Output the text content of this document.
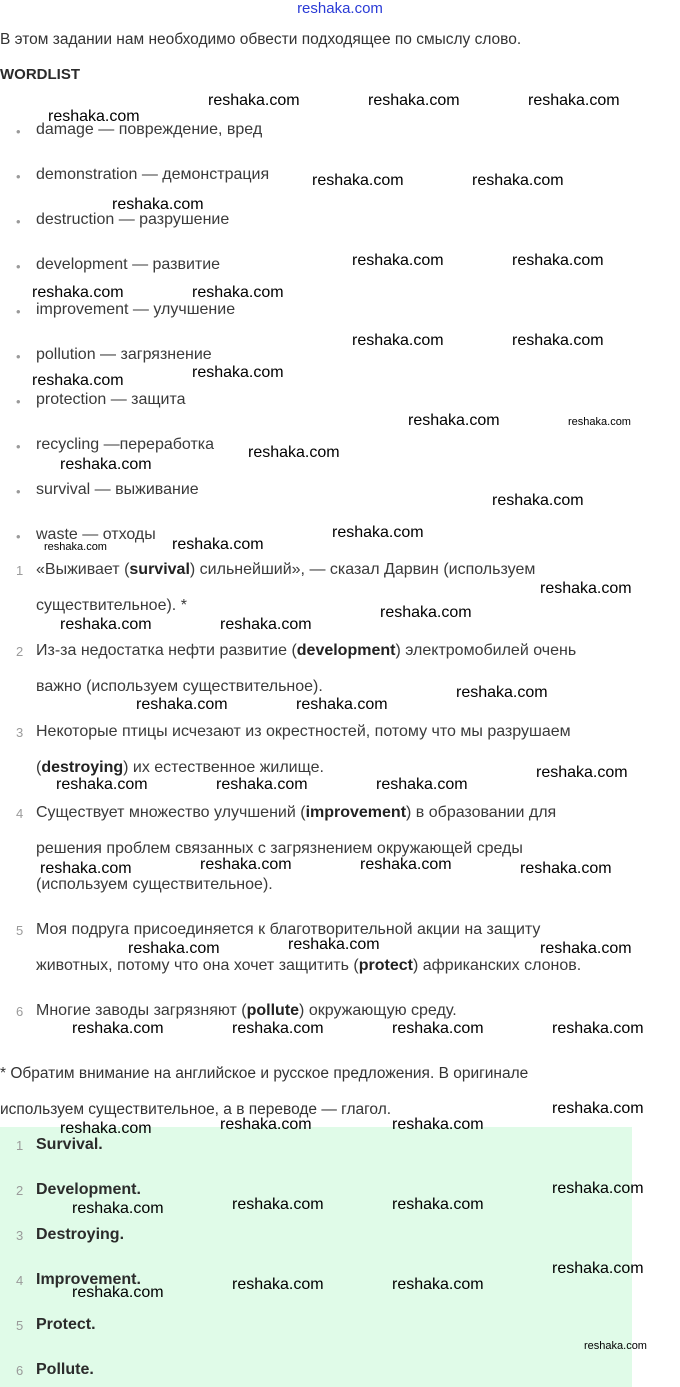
reshaka.com
В этом задании нам необходимо обвести подходящее по смыслу слово.
WORDLIST
• damage — повреждение, вред
• demonstration — демонстрация
• destruction — разрушение
• development — развитие
• improvement — улучшение
• pollution — загрязнение
• protection — защита
• recycling —переработка
• survival — выживание
• waste — отходы
1 «Выживает (survival) сильнейший», — сказал Дарвин (используем
существительное). *
2 Из-за недостатка нефти развитие (development) электромобилей очень
важно (используем существительное).
3 Некоторые птицы исчезают из окрестностей, потому что мы разрушаем
(destroying) их естественное жилище.
4 Существует множество улучшений (improvement) в образовании для
решения проблем связанных с загрязнением окружающей среды
(используем существительное).
5 Моя подруга присоединяется к благотворительной акции на защиту
животных, потому что она хочет защитить (protect) африканских слонов.
6 Многие заводы загрязняют (pollute) окружающую среду.
* Обратим внимание на английское и русское предложения. В оригинале
используем существительное, а в переводе — глагол.
1 Survival.
2 Development.
3 Destroying.
4 Improvement.
5 Protect.
6 Pollute.
reshaka.com
reshaka.com	reshaka.com	reshaka.com
reshaka.com	reshaka.com
reshaka.com
reshaka.com	reshaka.com
reshaka.com	reshaka.com
reshaka.com	reshaka.com
reshaka.com	reshaka.com
reshaka.com
reshaka.com
reshaka.com
reshaka.com
reshaka.com
reshaka.com
reshaka.com
reshaka.com
reshaka.com	reshaka.com
reshaka.com
reshaka.com	reshaka.com
reshaka.com
reshaka.com	reshaka.com	reshaka.com
reshaka.com	reshaka.com
reshaka.com	reshaka.com
reshaka.com
reshaka.com	reshaka.com
reshaka.com	reshaka.com	reshaka.com	reshaka.com
reshaka.com
reshaka.com	reshaka.com
reshaka.com
reshaka.com
reshaka.com	reshaka.com
reshaka.com
reshaka.com
reshaka.com	reshaka.com
reshaka.com
reshaka.com
reshaka.com
reshaka.com
